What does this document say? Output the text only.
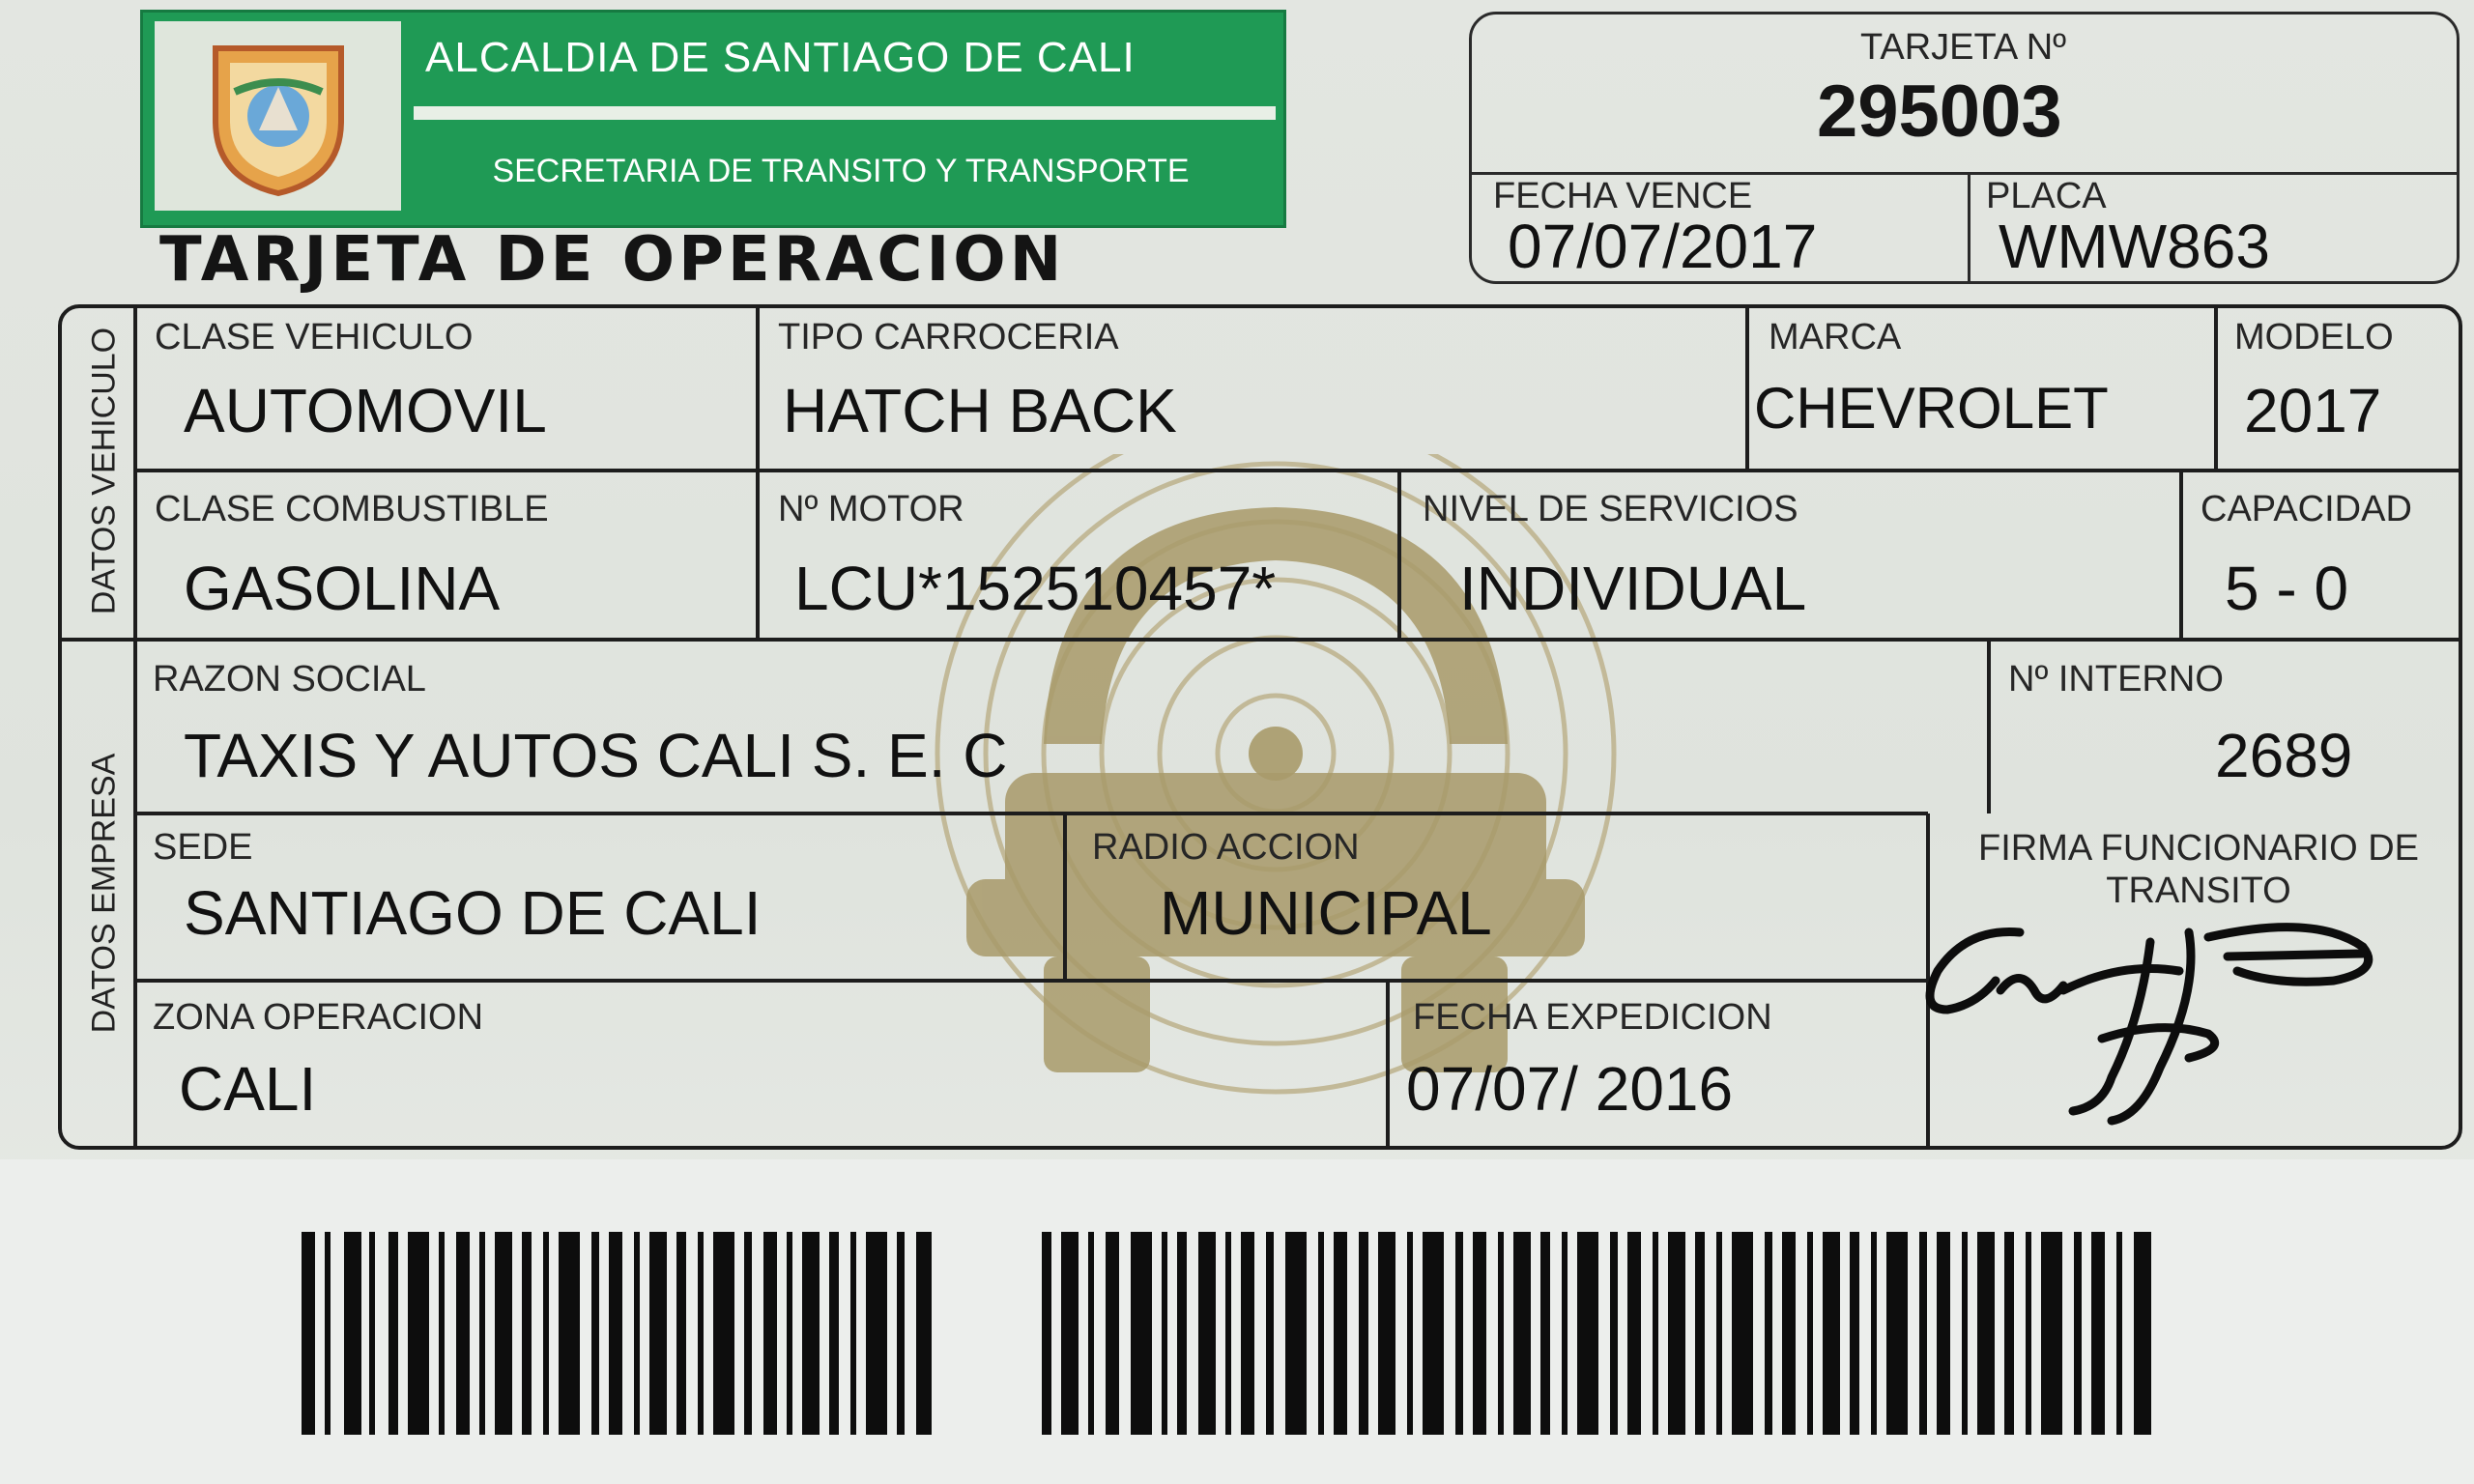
ALCALDIA DE SANTIAGO DE CALI
SECRETARIA DE TRANSITO Y TRANSPORTE
TARJETA DE OPERACION
TARJETA Nº
295003
FECHA VENCE
07/07/2017
PLACA
WMW863
DATOS VEHICULO
DATOS EMPRESA
CLASE VEHICULO
AUTOMOVIL
TIPO CARROCERIA
HATCH BACK
MARCA
CHEVROLET
MODELO
2017
CLASE COMBUSTIBLE
GASOLINA
Nº MOTOR
LCU*152510457*
NIVEL DE SERVICIOS
INDIVIDUAL
CAPACIDAD
5 - 0
RAZON SOCIAL
TAXIS Y AUTOS CALI S. E. C
Nº INTERNO
2689
SEDE
SANTIAGO DE CALI
RADIO ACCION
MUNICIPAL
FIRMA FUNCIONARIO DE TRANSITO
ZONA OPERACION
CALI
FECHA EXPEDICION
07/07/ 2016
